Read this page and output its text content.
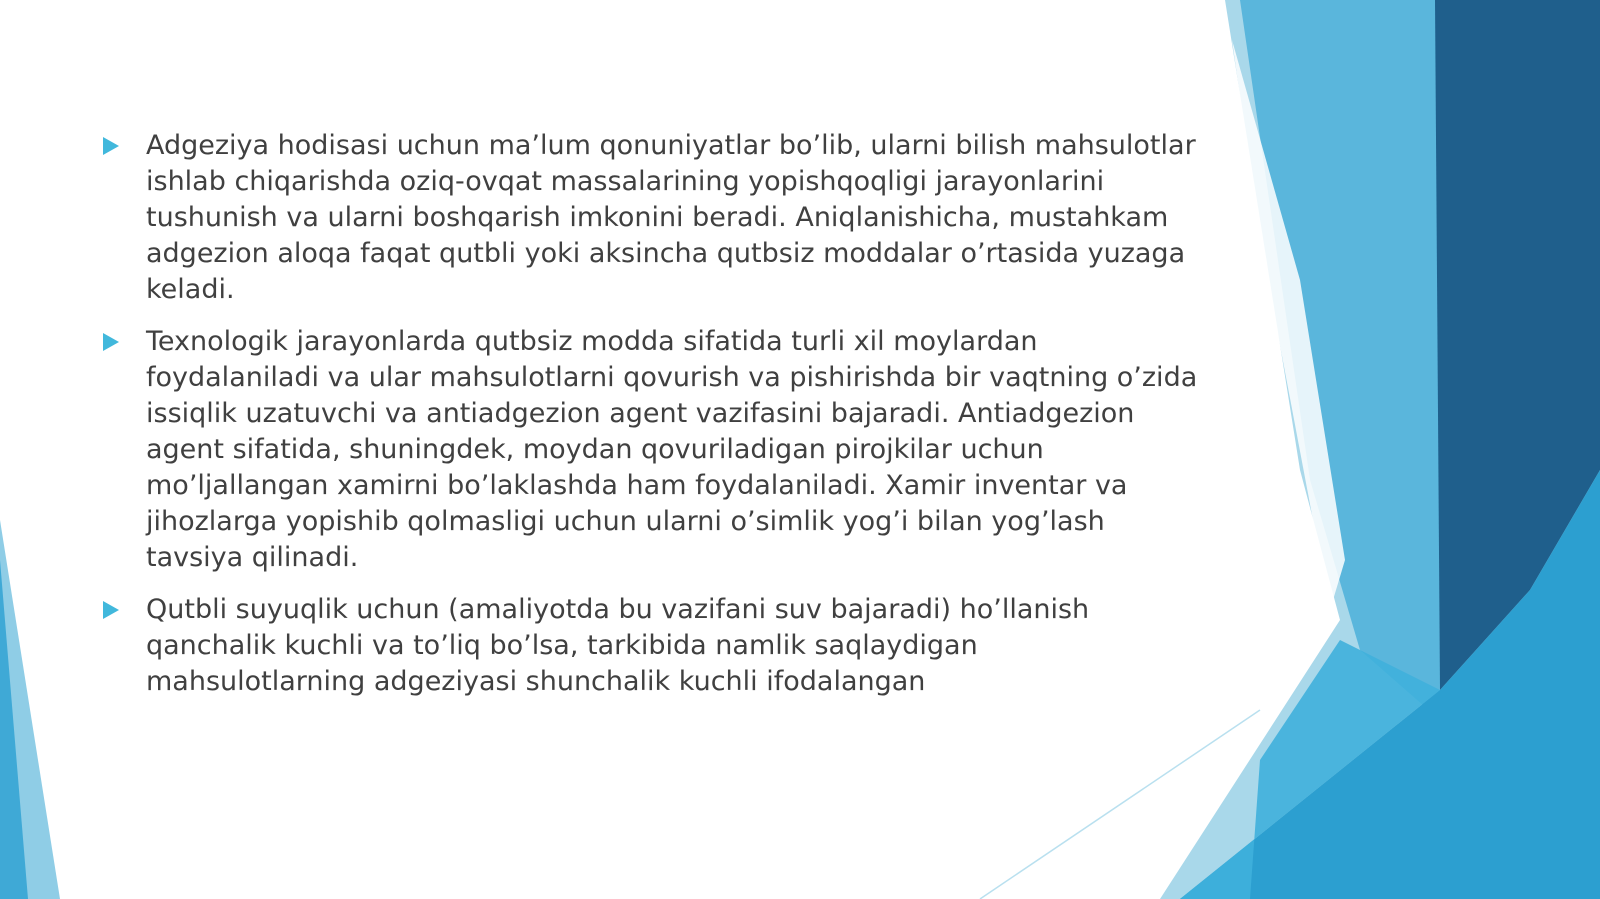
Adgeziya hodisasi uchun ma’lum qonuniyatlar bo’lib, ularni bilish mahsulotlar ishlab chiqarishda oziq-ovqat massalarining yopishqoqligi jarayonlarini tushunish va ularni boshqarish imkonini beradi. Aniqlanishicha, mustahkam adgezion aloqa faqat qutbli yoki aksincha qutbsiz moddalar o’rtasida yuzaga keladi.
Texnologik jarayonlarda qutbsiz modda sifatida turli xil moylardan foydalaniladi va ular mahsulotlarni qovurish va pishirishda bir vaqtning o’zida issiqlik uzatuvchi va antiadgezion agent vazifasini bajaradi. Antiadgezion agent sifatida, shuningdek, moydan qovuriladigan pirojkilar uchun mo’ljallangan xamirni bo’laklashda ham foydalaniladi. Xamir inventar va jihozlarga yopishib qolmasligi uchun ularni o’simlik yog’i bilan yog’lash tavsiya qilinadi.
Qutbli suyuqlik uchun (amaliyotda bu vazifani suv bajaradi) ho’llanish qanchalik kuchli va to’liq bo’lsa, tarkibida namlik saqlaydigan mahsulotlarning adgeziyasi shunchalik kuchli ifodalangan
